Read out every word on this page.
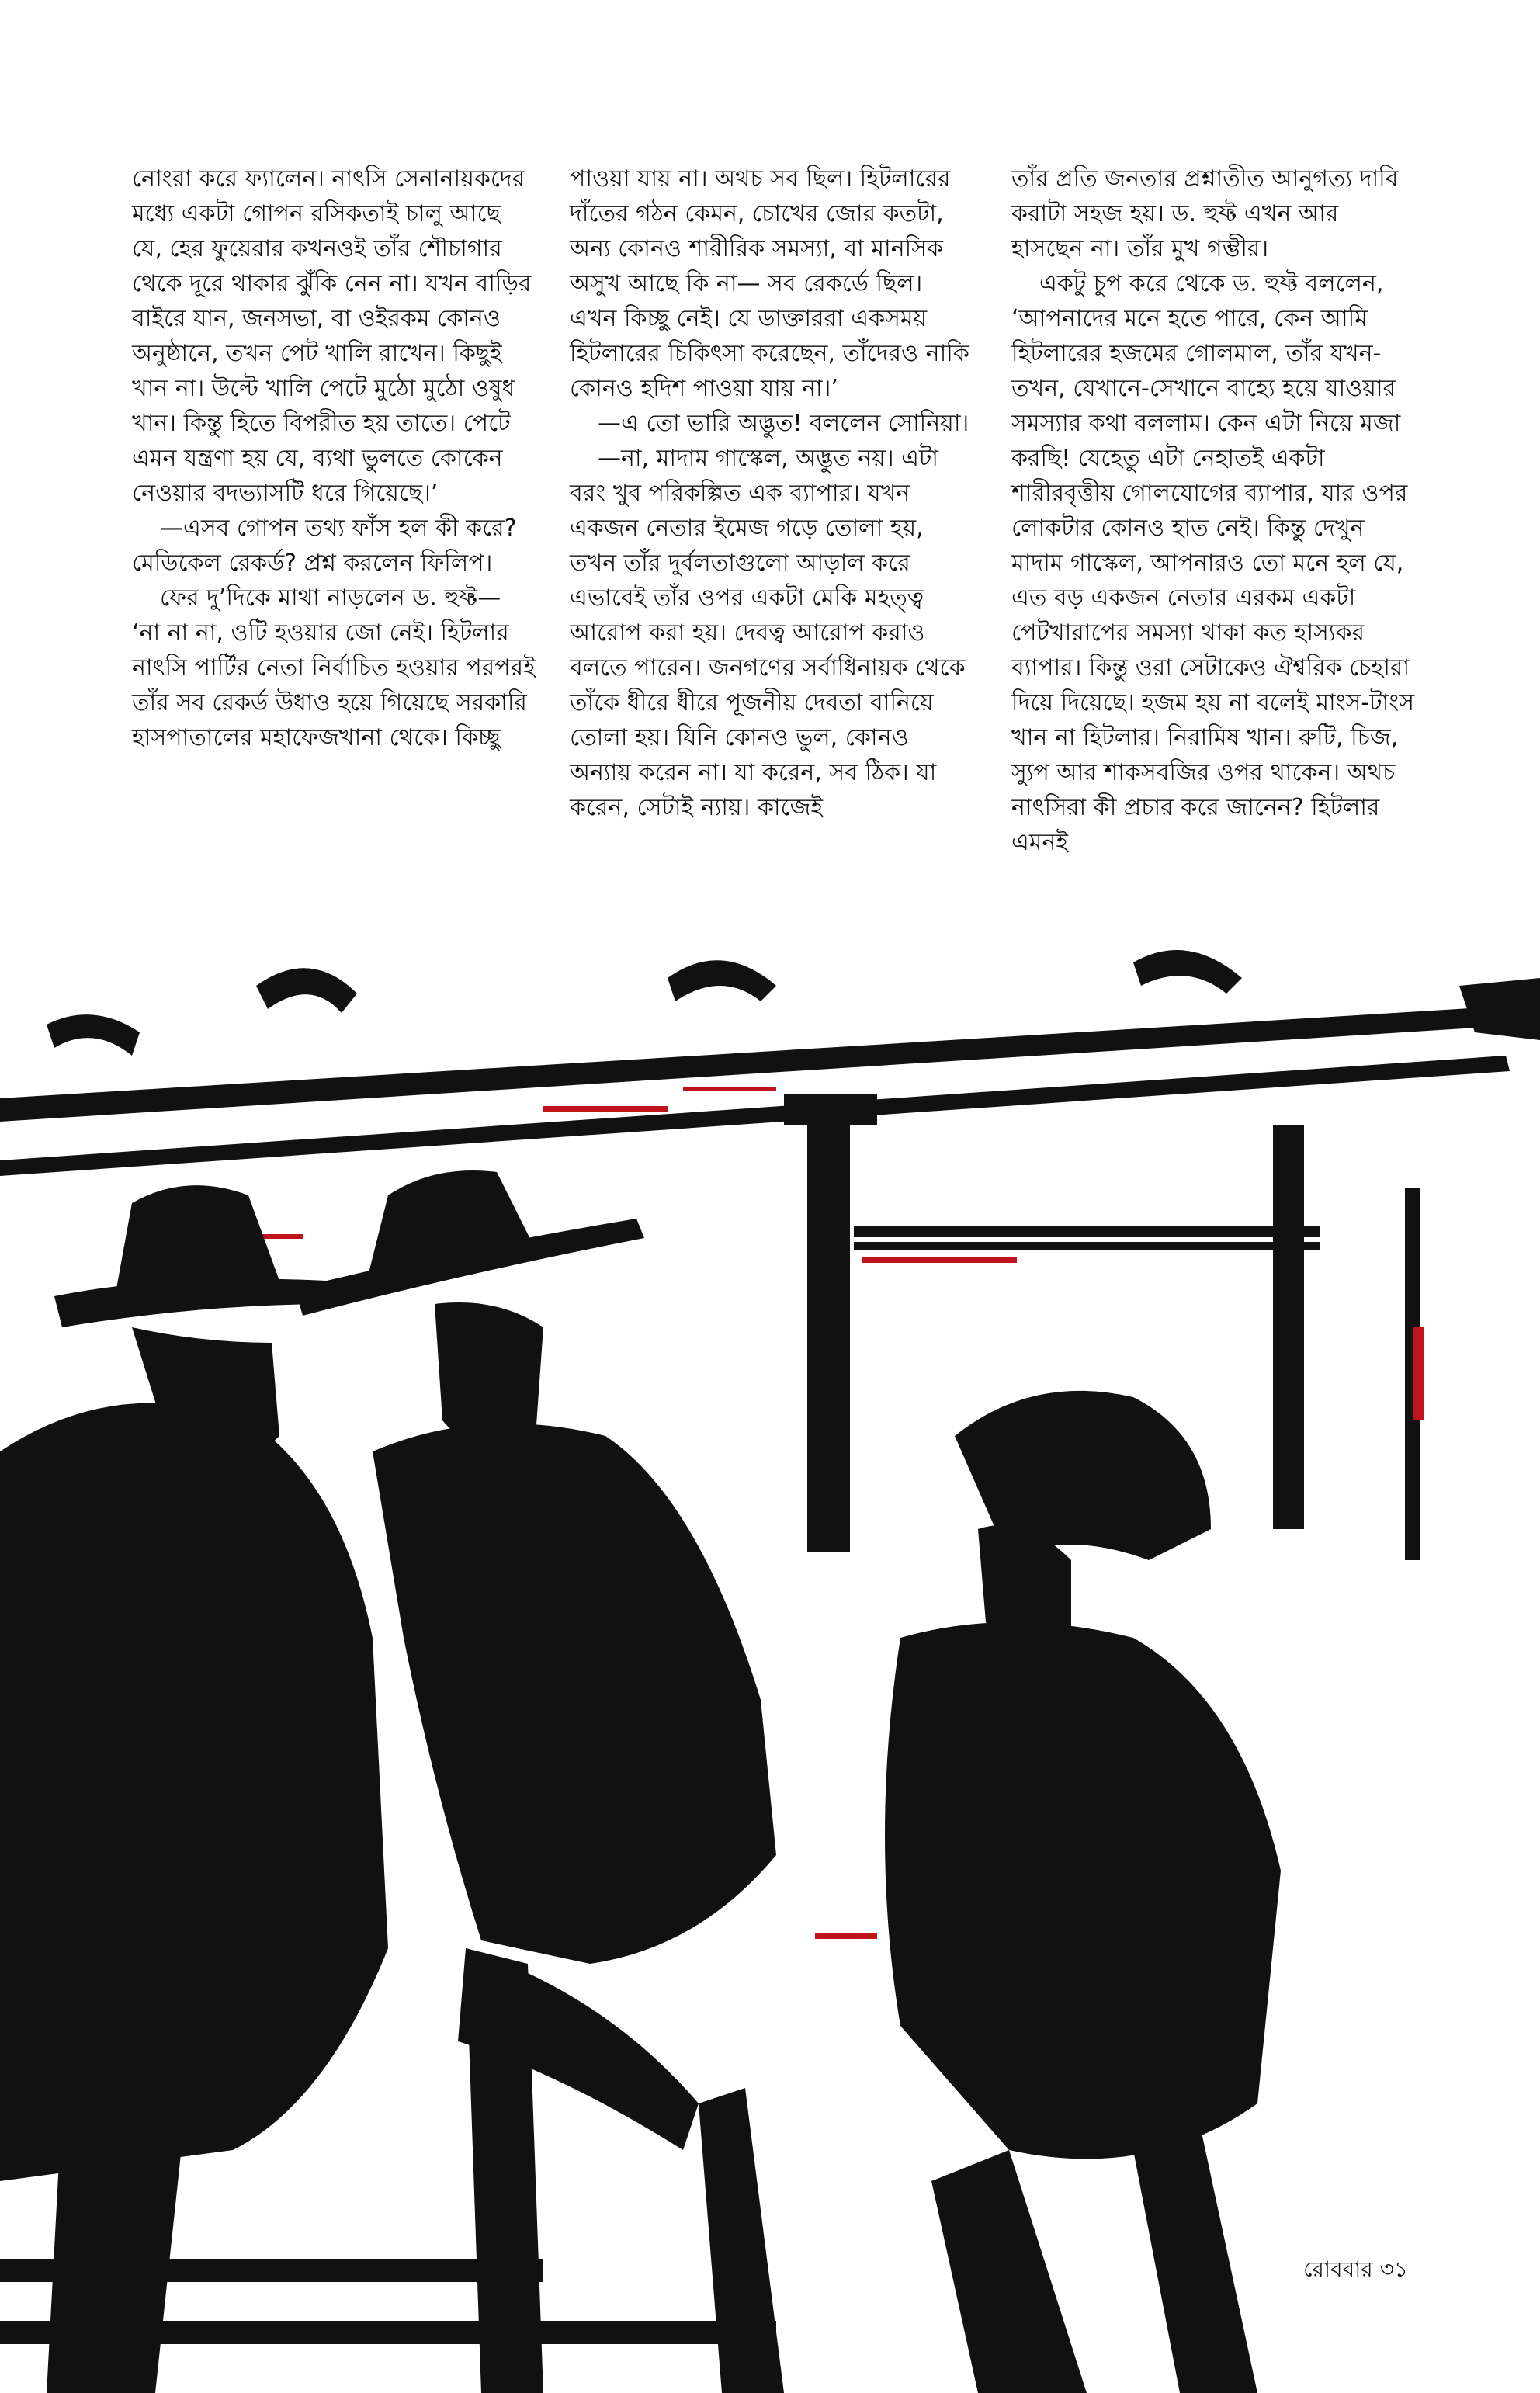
নোংরা করে ফ্যালেন। নাৎসি সেনানায়কদের মধ্যে একটা গোপন রসিকতাই চালু আছে যে, হের ফুয়েরার কখনওই তাঁর শৌচাগার থেকে দূরে থাকার ঝুঁকি নেন না। যখন বাড়ির বাইরে যান, জনসভা, বা ওইরকম কোনও অনুষ্ঠানে, তখন পেট খালি রাখেন। কিছুই খান না। উল্টে খালি পেটে মুঠো মুঠো ওষুধ খান। কিন্তু হিতে বিপরীত হয় তাতে। পেটে এমন যন্ত্রণা হয় যে, ব্যথা ভুলতে কোকেন নেওয়ার বদভ্যাসটি ধরে গিয়েছে।’

—এসব গোপন তথ্য ফাঁস হল কী করে? মেডিকেল রেকর্ড? প্রশ্ন করলেন ফিলিপ।

ফের দু’দিকে মাথা নাড়লেন ড. হুফ্ট— ‘না না না, ওটি হওয়ার জো নেই। হিটলার নাৎসি পার্টির নেতা নির্বাচিত হওয়ার পরপরই তাঁর সব রেকর্ড উধাও হয়ে গিয়েছে সরকারি হাসপাতালের মহাফেজখানা থেকে। কিচ্ছু

পাওয়া যায় না। অথচ সব ছিল। হিটলারের দাঁতের গঠন কেমন, চোখের জোর কতটা, অন্য কোনও শারীরিক সমস্যা, বা মানসিক অসুখ আছে কি না— সব রেকর্ডে ছিল। এখন কিচ্ছু নেই। যে ডাক্তাররা একসময় হিটলারের চিকিৎসা করেছেন, তাঁদেরও নাকি কোনও হদিশ পাওয়া যায় না।’

—এ তো ভারি অদ্ভুত! বললেন সোনিয়া।

—না, মাদাম গাস্কেল, অদ্ভুত নয়। এটা বরং খুব পরিকল্পিত এক ব্যাপার। যখন একজন নেতার ইমেজ গড়ে তোলা হয়, তখন তাঁর দুর্বলতাগুলো আড়াল করে এভাবেই তাঁর ওপর একটা মেকি মহত্ত্ব আরোপ করা হয়। দেবত্ব আরোপ করাও বলতে পারেন। জনগণের সর্বাধিনায়ক থেকে তাঁকে ধীরে ধীরে পূজনীয় দেবতা বানিয়ে তোলা হয়। যিনি কোনও ভুল, কোনও অন্যায় করেন না। যা করেন, সব ঠিক। যা করেন, সেটাই ন্যায়। কাজেই

তাঁর প্রতি জনতার প্রশ্নাতীত আনুগত্য দাবি করাটা সহজ হয়। ড. হুফ্ট এখন আর হাসছেন না। তাঁর মুখ গম্ভীর।

একটু চুপ করে থেকে ড. হুফ্ট বললেন, ‘আপনাদের মনে হতে পারে, কেন আমি হিটলারের হজমের গোলমাল, তাঁর যখন-তখন, যেখানে-সেখানে বাহ্যে হয়ে যাওয়ার সমস্যার কথা বললাম। কেন এটা নিয়ে মজা করছি! যেহেতু এটা নেহাতই একটা শারীরবৃত্তীয় গোলযোগের ব্যাপার, যার ওপর লোকটার কোনও হাত নেই। কিন্তু দেখুন মাদাম গাস্কেল, আপনারও তো মনে হল যে, এত বড় একজন নেতার এরকম একটা পেটখারাপের সমস্যা থাকা কত হাস্যকর ব্যাপার। কিন্তু ওরা সেটাকেও ঐশ্বরিক চেহারা দিয়ে দিয়েছে। হজম হয় না বলেই মাংস-টাংস খান না হিটলার। নিরামিষ খান। রুটি, চিজ, স্যুপ আর শাকসবজির ওপর থাকেন। অথচ নাৎসিরা কী প্রচার করে জানেন? হিটলার এমনই

রোববার ৩১
